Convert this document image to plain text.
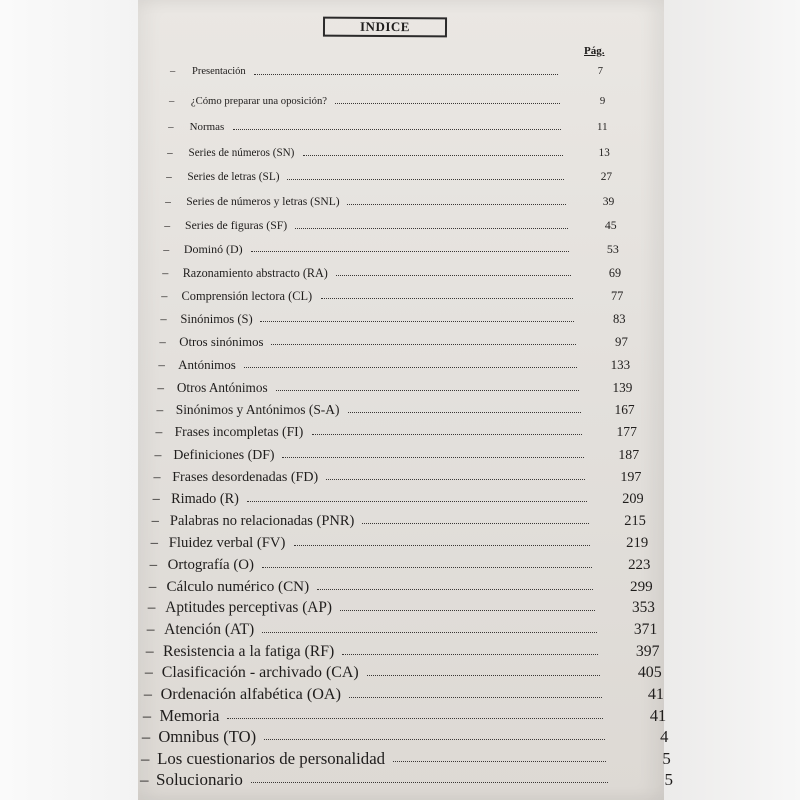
INDICE
Pág.
– Presentación	7
– ¿Cómo preparar una oposición?	9
– Normas	11
– Series de números (SN)	13
– Series de letras (SL)	27
– Series de números y letras (SNL)	39
– Series de figuras (SF)	45
– Dominó (D)	53
– Razonamiento abstracto (RA)	69
– Comprensión lectora (CL)	77
– Sinónimos (S)	83
– Otros sinónimos	97
– Antónimos	133
– Otros Antónimos	139
– Sinónimos y Antónimos (S-A)	167
– Frases incompletas (FI)	177
– Definiciones (DF)	187
– Frases desordenadas (FD)	197
– Rimado (R)	209
– Palabras no relacionadas (PNR)	215
– Fluidez verbal (FV)	219
– Ortografía (O)	223
– Cálculo numérico (CN)	299
– Aptitudes perceptivas (AP)	353
– Atención (AT)	371
– Resistencia a la fatiga (RF)	397
– Clasificación - archivado (CA)	405
– Ordenación alfabética (OA)	41
– Memoria	41
– Omnibus (TO)	4
– Los cuestionarios de personalidad	5
– Solucionario	5
